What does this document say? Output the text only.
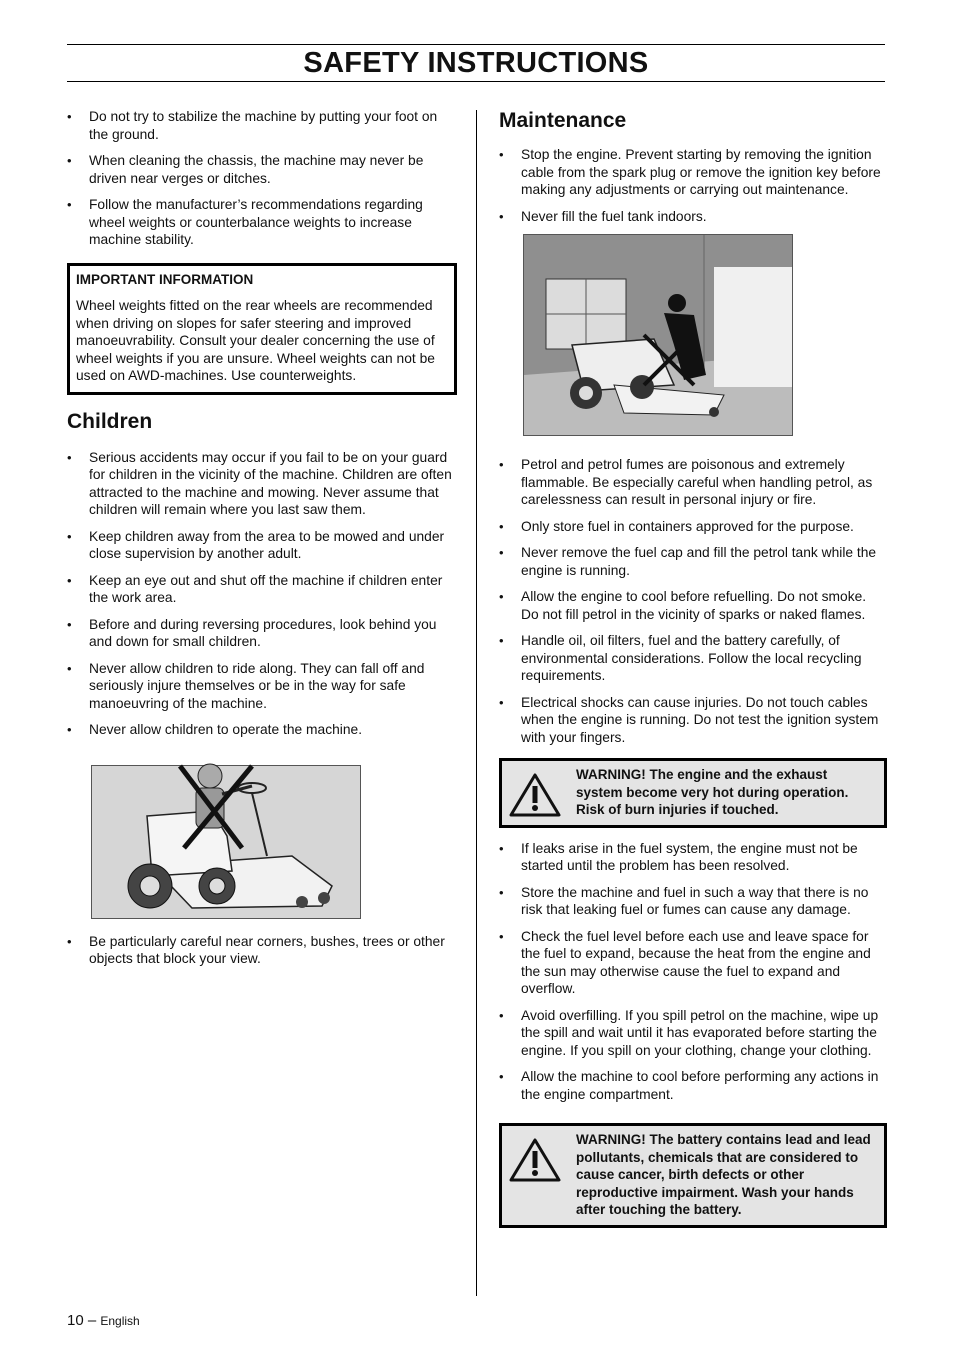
SAFETY INSTRUCTIONS
• Do not try to stabilize the machine by putting your foot on the ground.
• When cleaning the chassis, the machine may never be driven near verges or ditches.
• Follow the manufacturer’s recommendations regarding wheel weights or counterbalance weights to increase machine stability.
IMPORTANT INFORMATION
Wheel weights fitted on the rear wheels are recommended when driving on slopes for safer steering and improved manoeuvrability. Consult your dealer concerning the use of wheel weights if you are unsure. Wheel weights can not be used on AWD-machines. Use counterweights.
Children
• Serious accidents may occur if you fail to be on your guard for children in the vicinity of the machine. Children are often attracted to the machine and mowing. Never assume that children will remain where you last saw them.
• Keep children away from the area to be mowed and under close supervision by another adult.
• Keep an eye out and shut off the machine if children enter the work area.
• Before and during reversing procedures, look behind you and down for small children.
• Never allow children to ride along. They can fall off and seriously injure themselves or be in the way for safe manoeuvring of the machine.
• Never allow children to operate the machine.
• Be particularly careful near corners, bushes, trees or other objects that block your view.
Maintenance
• Stop the engine. Prevent starting by removing the ignition cable from the spark plug or remove the ignition key before making any adjustments or carrying out maintenance.
• Never fill the fuel tank indoors.
• Petrol and petrol fumes are poisonous and extremely flammable. Be especially careful when handling petrol, as carelessness can result in personal injury or fire.
• Only store fuel in containers approved for the purpose.
• Never remove the fuel cap and fill the petrol tank while the engine is running.
• Allow the engine to cool before refuelling. Do not smoke. Do not fill petrol in the vicinity of sparks or naked flames.
• Handle oil, oil filters, fuel and the battery carefully, of environmental considerations. Follow the local recycling requirements.
• Electrical shocks can cause injuries. Do not touch cables when the engine is running. Do not test the ignition system with your fingers.
WARNING! The engine and the exhaust system become very hot during operation. Risk of burn injuries if touched.
• If leaks arise in the fuel system, the engine must not be started until the problem has been resolved.
• Store the machine and fuel in such a way that there is no risk that leaking fuel or fumes can cause any damage.
• Check the fuel level before each use and leave space for the fuel to expand, because the heat from the engine and the sun may otherwise cause the fuel to expand and overflow.
• Avoid overfilling. If you spill petrol on the machine, wipe up the spill and wait until it has evaporated before starting the engine. If you spill on your clothing, change your clothing.
• Allow the machine to cool before performing any actions in the engine compartment.
WARNING! The battery contains lead and lead pollutants, chemicals that are considered to cause cancer, birth defects or other reproductive impairment. Wash your hands after touching the battery.
10 – English
